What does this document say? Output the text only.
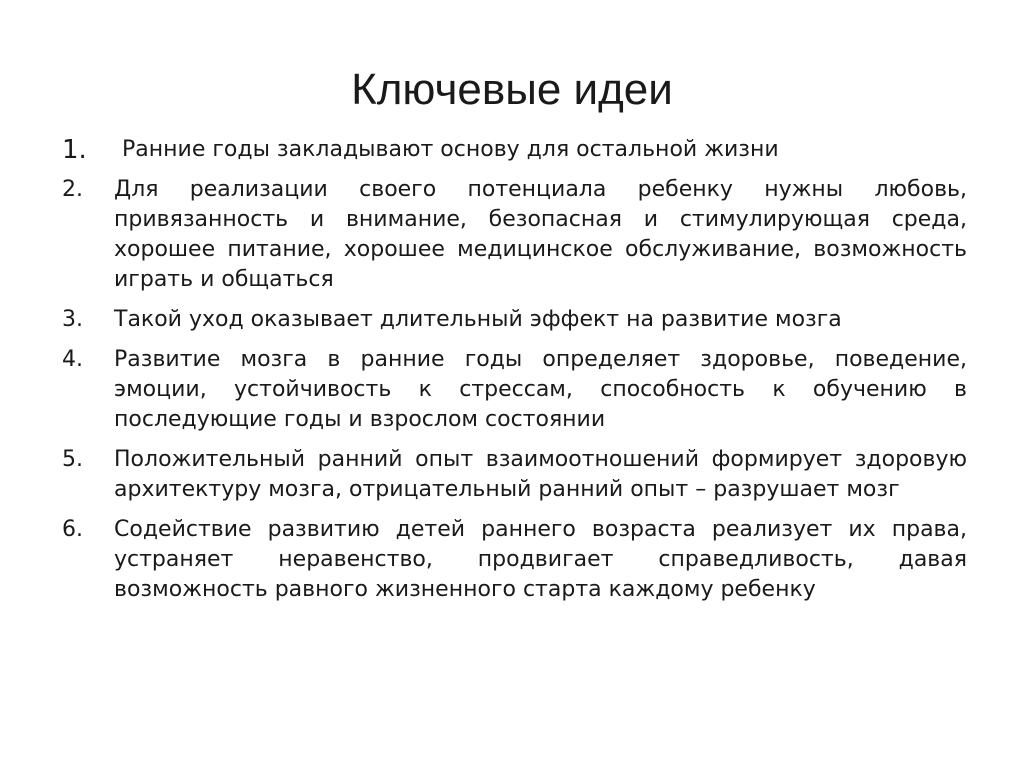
Ключевые идеи
1.	Ранние годы закладывают основу для остальной жизни
2.	Для реализации своего потенциала ребенку нужны любовь, привязанность и внимание, безопасная и стимулирующая среда, хорошее питание, хорошее медицинское обслуживание, возможность играть и общаться
3.	Такой уход оказывает длительный эффект на развитие мозга
4.	Развитие мозга в ранние годы определяет здоровье, поведение, эмоции, устойчивость к стрессам, способность к обучению в последующие годы и взрослом состоянии
5.	Положительный ранний опыт взаимоотношений формирует здоровую архитектуру мозга, отрицательный ранний опыт – разрушает мозг
6.	Содействие развитию детей раннего возраста реализует их права, устраняет неравенство, продвигает справедливость, давая возможность равного жизненного старта каждому ребенку
